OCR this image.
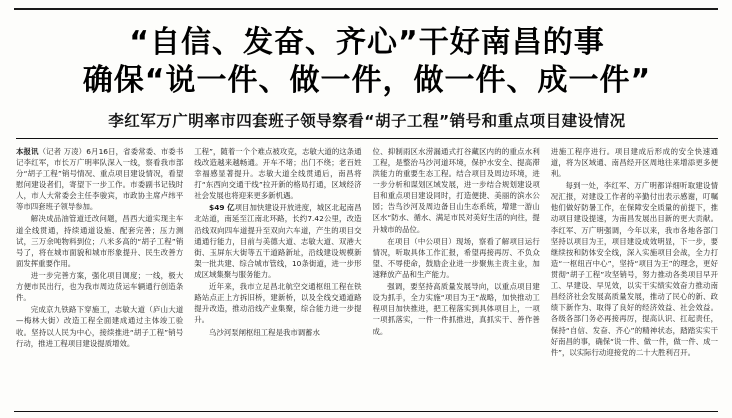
“自信、发奋、齐心”干好南昌的事
确保“说一件、做一件，做一件、成一件”
李红军万广明率市四套班子领导察看“胡子工程”销号和重点项目建设情况

本报讯（记者 万凌）6月16日，省委常委、市委书记李红军，市长万广明率队深入一线，察看我市部分“胡子工程”销号情况、重点项目建设情况，看望慰问建设者们，寄望下一步工作。市委副书记钱时人，市人大常委会主任李骏宾，市政协主席卢纬平等市四套班子领导参加。

解决成品油管道迁改问题，昌西大道实现主车道全线贯通，持续通道设施、配套完善；压力测试，三万余吨物料到位；八米多高的“胡子工程”销号了，将在城市面貌和城市形象提升、民生改善方面发挥重要作用。

进一步完善方案，强化项目调度；一线，极大方便市民出行，也为我市周边货运车辆通行创造条件。

完成京九铁路下穿施工，志敏大道（庐山大道—梅林大街）改造工程全面建成通过主体竣工验收。坚持以人民为中心，接续推进“胡子工程”销号行动，推进工程项目建设提质增效。

工程”，随着一个个难点被攻克，志敏大道的这条通线改造越来越畅通。开车不堵；出门不绕；老百姓幸福感显著提升。志敏大道全线贯通后，南昌将打“东西向交通干线”拉开新的格局打通，区域经济社会发展也将迎来更多新机遇。

$49 亿项目加快建设开放进度，城区北起南昌北站道，南延至江南北环路，长约7.42公里，改造沿线双向四车道提升至双向六车道，产生的项目交通通行能力，目前与美德大道、志敏大道、双港大街、玉屏东大街等五干道路新址，沿线建设规模新架一批共建、综合城市管线，10条街道，进一步形成区域集聚与服务能力。

近年来，我市立足昌北航空交通枢纽工程在铁路站点正上方拆旧桥，建新桥，以及全线交通道路提升改造，推动沿线产业集聚，综合能力进一步提升。

乌沙河泵闸枢纽工程是我市调蓄水

位、抑制雨区水涝漏通式打谷藏区内的的重点水利工程，是整治马沙河道环境，保护水安全、提高滞洪能力的重要生态工程。结合项目及周边环境，进一步分析和谋划区域发展，进一步结合规划建设项目和重点项目建设同时，打造便捷、美丽的滨水公园；告鸟沙河及周边备目山生态系统，增建一游山区水“防水、循水、满足市民对美好生活的向往，提升城市的品位。

在项目（中公项目）现场，察看了解项目运行情况，听取具体工作汇报，希望再接再厉、不负众望、不辱使命，鼓励企业进一步聚焦主责主业，加速释放产品和生产能力。

强调，要坚持高质量发展导向，以重点项目建设为抓手，全力实施“项目为王”战略，加快推动工程项目加快推进，把工程落实到具体项目上，一项一项抓落实，一件一件抓推进，真抓实干、善作善成。

进施工程序进行。项目建成后形成的安全快速通道，将为区域通、南昌经开区周地往来增添更多便利。

每到一处，李红军、万广明都详细听取建设情况汇报，对建设工作者的辛勤付出表示感谢，叮嘱他们做好防暑工作，在保障安全质量的前提下，推动项目建设提速，为南昌发展出目新的更大贡献。李红军、万广明强调，今年以来，我市各地各部门坚持以项目为王，项目建设成效明显，下一步，要继续按和防体安全线，深入实施项目会战，全力打造“一枢纽百中心”，坚持“项目为王”的理念，更好贯彻“胡子工程”攻坚销号，努力推动各类项目早开工、早建设、早见效，以实干实绩实效奋力推动南昌经济社会发展高质量发展，推动了民心的新、政绩下新作为、取得了良好的经济效益、社会效益。各级各部门务必再接再厉，提高认识、扛起责任，保持“自信、发奋、齐心”的精神状态，踏踏实实干好南昌的事，确保“说一件、做一件，做一件、成一件”，以实际行动迎接党的二十大胜利召开。
